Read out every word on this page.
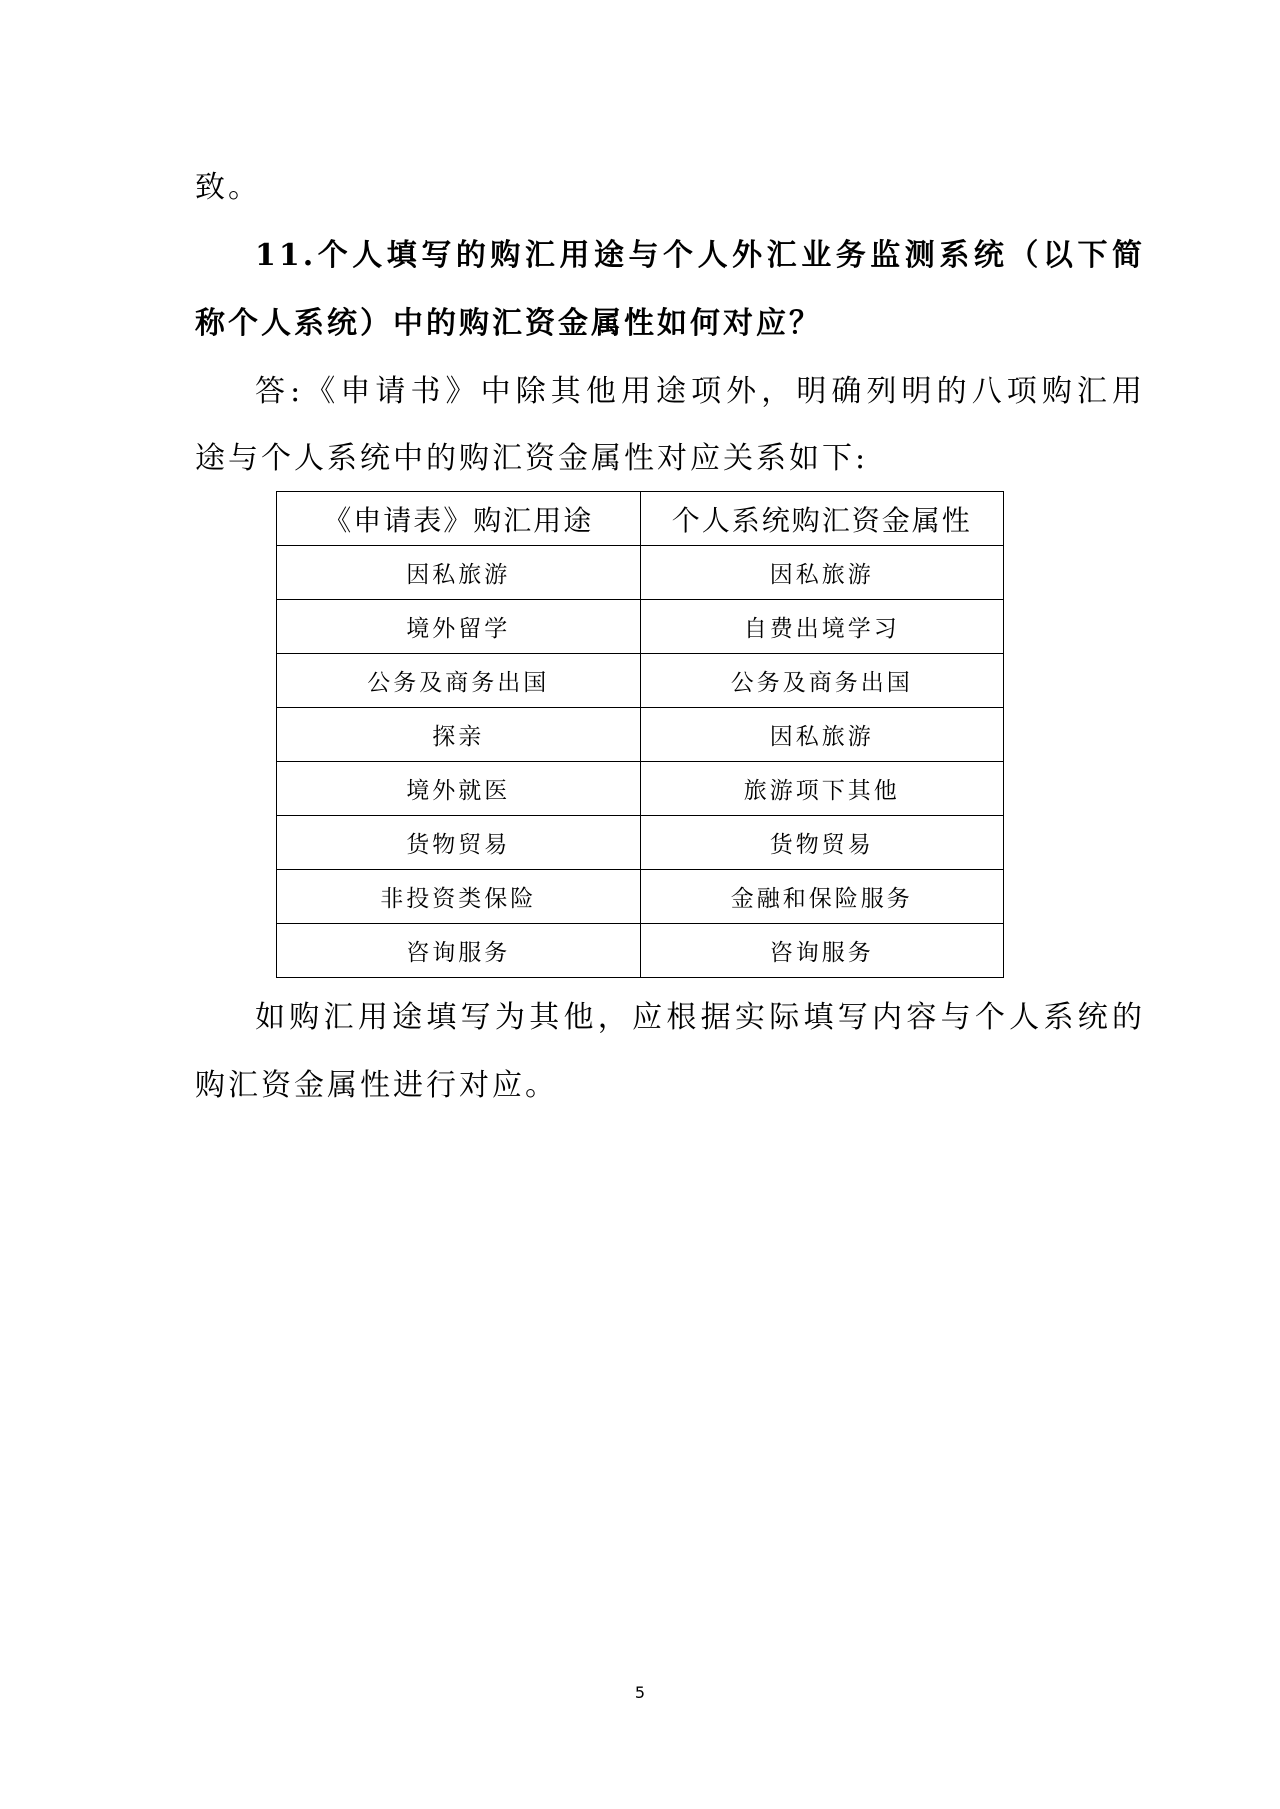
致。
11.个人填写的购汇用途与个人外汇业务监测系统（以下简
称个人系统）中的购汇资金属性如何对应？
答:《申请书》中除其他用途项外，明确列明的八项购汇用
途与个人系统中的购汇资金属性对应关系如下:
《申请表》购汇用途	个人系统购汇资金属性
因私旅游	因私旅游
境外留学	自费出境学习
公务及商务出国	公务及商务出国
探亲	因私旅游
境外就医	旅游项下其他
货物贸易	货物贸易
非投资类保险	金融和保险服务
咨询服务	咨询服务
如购汇用途填写为其他，应根据实际填写内容与个人系统的
购汇资金属性进行对应。
5
